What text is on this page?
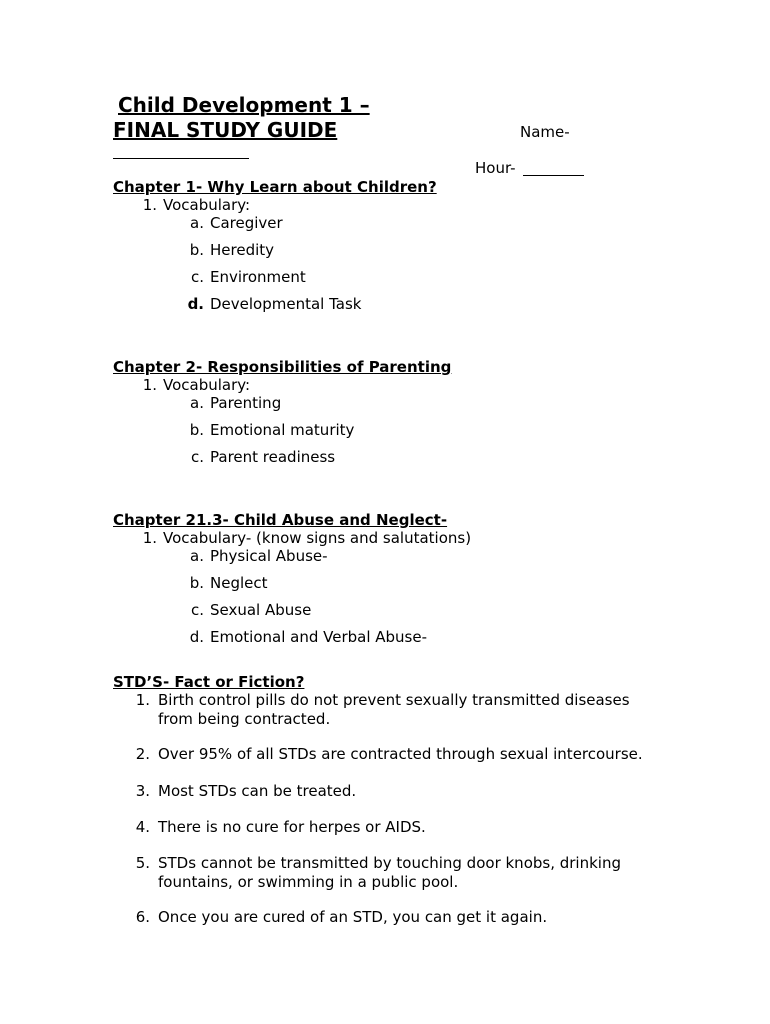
Child Development 1 –
FINAL STUDY GUIDE	Name-
Hour-
Chapter 1- Why Learn about Children?
1. Vocabulary:
a. Caregiver
b. Heredity
c. Environment
d. Developmental Task
Chapter 2- Responsibilities of Parenting
1. Vocabulary:
a. Parenting
b. Emotional maturity
c. Parent readiness
Chapter 21.3- Child Abuse and Neglect-
1. Vocabulary- (know signs and salutations)
a. Physical Abuse-
b. Neglect
c. Sexual Abuse
d. Emotional and Verbal Abuse-
STD’S- Fact or Fiction?
1. Birth control pills do not prevent sexually transmitted diseases from being contracted.
2. Over 95% of all STDs are contracted through sexual intercourse.
3. Most STDs can be treated.
4. There is no cure for herpes or AIDS.
5. STDs cannot be transmitted by touching door knobs, drinking fountains, or swimming in a public pool.
6. Once you are cured of an STD, you can get it again.
